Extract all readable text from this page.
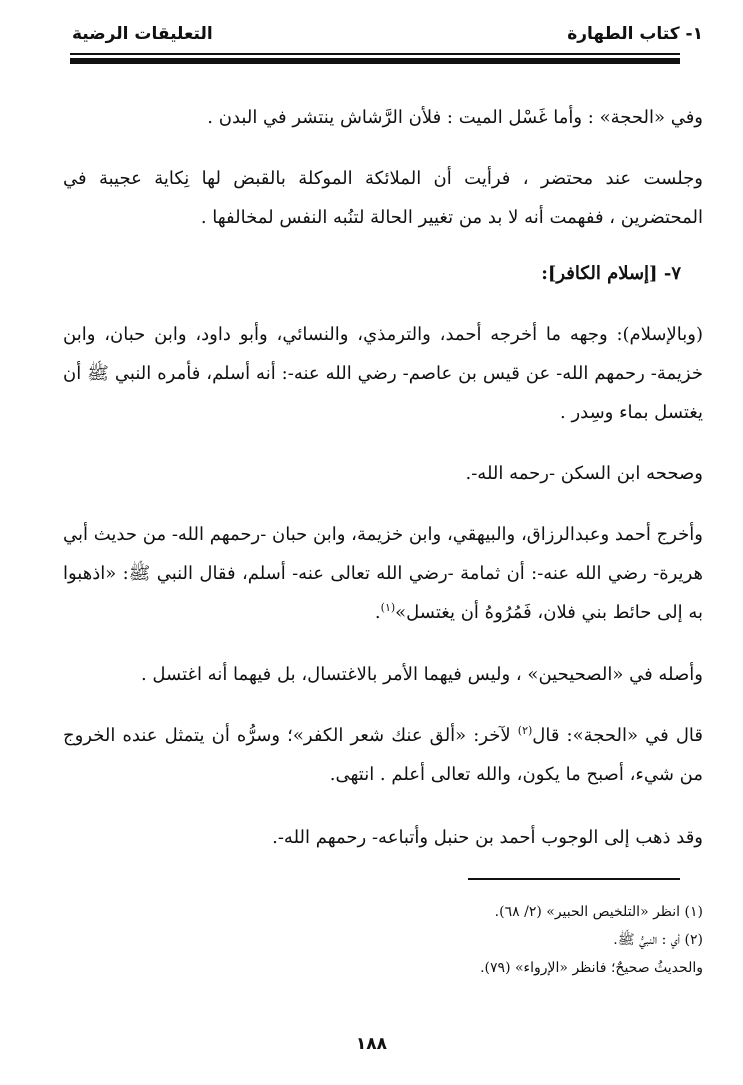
١- كتاب الطهارة
التعليقات الرضية
وفي «الحجة» : وأما غَسْل الميت : فلأن الرَّشاش ينتشر في البدن .
وجلست عند محتضر ، فرأيت أن الملائكة الموكلة بالقبض لها نِكاية عجيبة في المحتضرين ، ففهمت أنه لا بد من تغيير الحالة لتنُبه النفس لمخالفها .
٧- [إسلام الكافر]:
(وبالإسلام): وجهه ما أخرجه أحمد، والترمذي، والنسائي، وأبو داود، وابن حبان، وابن خزيمة- رحمهم الله- عن قيس بن عاصم- رضي الله عنه-: أنه أسلم، فأمره النبي ﷺ أن يغتسل بماء وسِدر .
وصححه ابن السكن -رحمه الله-.
وأخرج أحمد وعبدالرزاق، والبيهقي، وابن خزيمة، وابن حبان -رحمهم الله- من حديث أبي هريرة- رضي الله عنه-: أن ثمامة -رضي الله تعالى عنه- أسلم، فقال النبي ﷺ: «اذهبوا به إلى حائط بني فلان، فَمُرُوهُ أن يغتسل»$^{(١)}$.
وأصله في «الصحيحين» ، وليس فيهما الأمر بالاغتسال، بل فيهما أنه اغتسل .
قال في «الحجة»: قال$^{(٢)}$ لآخر: «ألق عنك شعر الكفر»؛ وسرُّه أن يتمثل عنده الخروج من شيء، أصبح ما يكون، والله تعالى أعلم . انتهى.
وقد ذهب إلى الوجوب أحمد بن حنبل وأتباعه- رحمهم الله-.
(١) انظر «التلخيص الحبير» (٢/ ٦٨).
(٢) أي : النبيُّ ﷺ.
والحديثُ صحيحٌ؛ فانظر «الإرواء» (٧٩).
١٨٨
